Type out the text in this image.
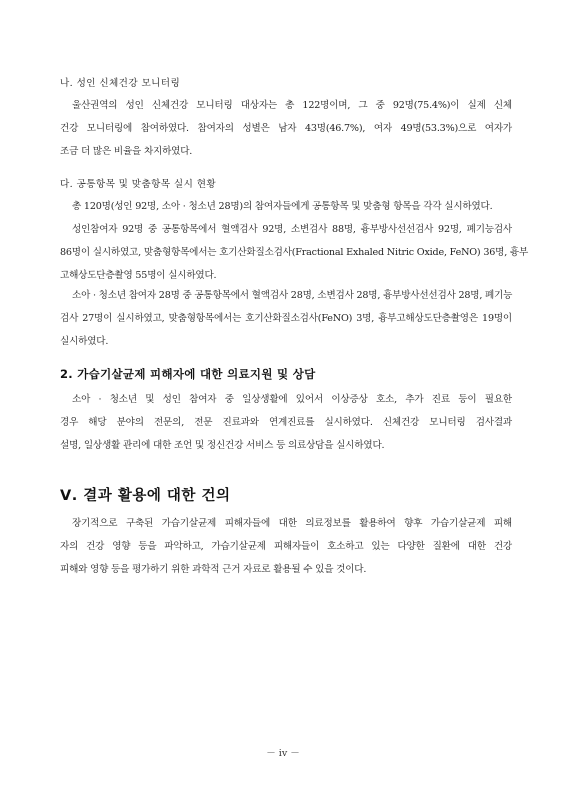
나. 성인 신체건강 모니터링
울산권역의 성인 신체건강 모니터링 대상자는 총 122명이며, 그 중 92명(75.4%)이 실제 신체
건강 모니터링에 참여하였다. 참여자의 성별은 남자 43명(46.7%), 여자 49명(53.3%)으로 여자가
조금 더 많은 비율을 차지하였다.
다. 공통항목 및 맞춤항목 실시 현황
총 120명(성인 92명, 소아 · 청소년 28명)의 참여자들에게 공통항목 및 맞춤형 항목을 각각 실시하였다.
성인참여자 92명 중 공통항목에서 혈액검사 92명, 소변검사 88명, 흉부방사선선검사 92명, 폐기능검사
86명이 실시하였고, 맞춤형항목에서는 호기산화질소검사(Fractional Exhaled Nitric Oxide, FeNO) 36명, 흉부
고해상도단층촬영 55명이 실시하였다.
소아 · 청소년 참여자 28명 중 공통항목에서 혈액검사 28명, 소변검사 28명, 흉부방사선선검사 28명, 폐기능
검사 27명이 실시하였고, 맞춤형항목에서는 호기산화질소검사(FeNO) 3명, 흉부고해상도단층촬영은 19명이
실시하였다.
2. 가습기살균제 피해자에 대한 의료지원 및 상담
소아 · 청소년 및 성인 참여자 중 일상생활에 있어서 이상증상 호소, 추가 진료 등이 필요한
경우 해당 분야의 전문의, 전문 진료과와 연계진료를 실시하였다. 신체건강 모니터링 검사결과
설명, 일상생활 관리에 대한 조언 및 정신건강 서비스 등 의료상담을 실시하였다.
Ⅴ. 결과 활용에 대한 건의
장기적으로 구축된 가습기살균제 피해자들에 대한 의료정보를 활용하여 향후 가습기살균제 피해
자의 건강 영향 등을 파악하고, 가습기살균제 피해자들이 호소하고 있는 다양한 질환에 대한 건강
피해와 영향 등을 평가하기 위한 과학적 근거 자료로 활용될 수 있을 것이다.
－ iv －
